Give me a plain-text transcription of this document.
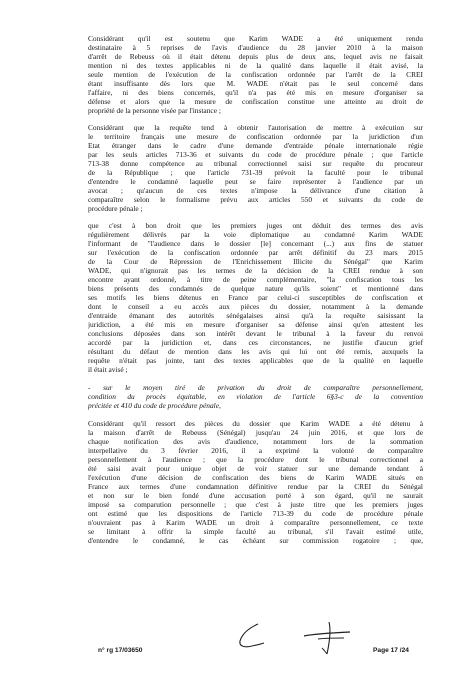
Considérant qu'il est soutenu que Karim WADE a été uniquement rendu
destinataire à 5 reprises de l'avis d'audience du 28 janvier 2010 à la maison
d'arrêt de Rebeuss où il était détenu depuis plus de deux ans, lequel avis ne faisait
mention ni des textes applicables ni de la qualité dans laquelle il était avisé, la
seule mention de l'exécution de la confiscation ordonnée par l'arrêt de la CREI
étant insuffisante dès lors que M. WADE n'était pas le seul concerné dans
l'affaire, ni des biens concernés, qu'il n'a pas été mis en mesure d'organiser sa
défense et alors que la mesure de confiscation constitue une atteinte au droit de
propriété de la personne visée par l'instance ;
Considérant que la requête tend à obtenir l'autorisation de mettre à exécution sur
le territoire français une mesure de confiscation ordonnée par la juridiction d'un
Etat étranger dans le cadre d'une demande d'entraide pénale internationale régie
par les seuls articles 713-36 et suivants du code de procédure pénale ; que l'article
713-38 donne compétence au tribunal correctionnel saisi sur requête du procureur
de la République ; que l'article 731-39 prévoit la faculté pour le tribunal
d'entendre le condamné laquelle peut se faire représenter à l'audience par un
avocat ; qu'aucun de ces textes n'impose la délivrance d'une citation à
comparaître selon le formalisme prévu aux articles 550 et suivants du code de
procédure pénale ;
que c'est à bon droit que les premiers juges ont déduit des termes des avis
régulièrement délivrés par la voie diplomatique au condamné Karim WADE
l'informant de "l'audience dans le dossier [le] concernant (...) aux fins de statuer
sur l'exécution de la confiscation ordonnée par arrêt définitif du 23 mars 2015
de la Cour de Répression de l'Enrichissement Illicite du Sénégal" que Karim
WADE, qui n'ignorait pas les termes de la décision de la CREI rendue à son
encontre ayant ordonné, à titre de peine complémentaire, "la confiscation tous les
biens présents des condamnés de quelque nature qu'ils soient" et mentionné dans
ses motifs les biens détenus en France par celui-ci susceptibles de confiscation et
dont le conseil a eu accès aux pièces du dossier, notamment à la demande
d'entraide émanant des autorités sénégalaises ainsi qu'à la requête saisissant la
juridiction, a été mis en mesure d'organiser sa défense ainsi qu'en attestent les
conclusions déposées dans son intérêt devant le tribunal à la faveur du renvoi
accordé par la juridiction et, dans ces circonstances, ne justifie d'aucun grief
résultant du défaut de mention dans les avis qui lui ont été remis, auxquels la
requête n'était pas jointe, tant des textes applicables que de la qualité en laquelle
il était avisé ;
- sur le moyen tiré de privation du droit de comparaître personnellement,
condition du procès équitable, en violation de l'article 6§3-c de la convention
précitée et 410 du code de procédure pénale,
Considérant qu'il ressort des pièces du dossier que Karim WADE a été détenu à
la maison d'arrêt de Rebeuss (Sénégal) jusqu'au 24 juin 2016, et que lors de
chaque notification des avis d'audience, notamment lors de la sommation
interpellative du 3 février 2016, il a exprimé la volonté de comparaître
personnellement à l'audience ; que la procédure dont le tribunal correctionnel a
été saisi avait pour unique objet de voir statuer sur une demande tendant à
l'exécution d'une décision de confiscation des biens de Karim WADE situés en
France aux termes d'une condamnation définitive rendue par la CREI du Sénégal
et non sur le bien fondé d'une accusation porté à son égard, qu'il ne saurait
imposé sa comparution personnelle ; que c'est à juste titre que les premiers juges
ont estimé que les dispositions de l'article 713-39 du code de procédure pénale
n'ouvraient pas à Karim WADE un droit à comparaître personnellement, ce texte
se limitant à offrir la simple faculté au tribunal, s'il l'avait estimé utile,
d'entendre le condamné, le cas échéant sur commission rogatoire ; que,
n° rg 17/03650	Page 17 /24
